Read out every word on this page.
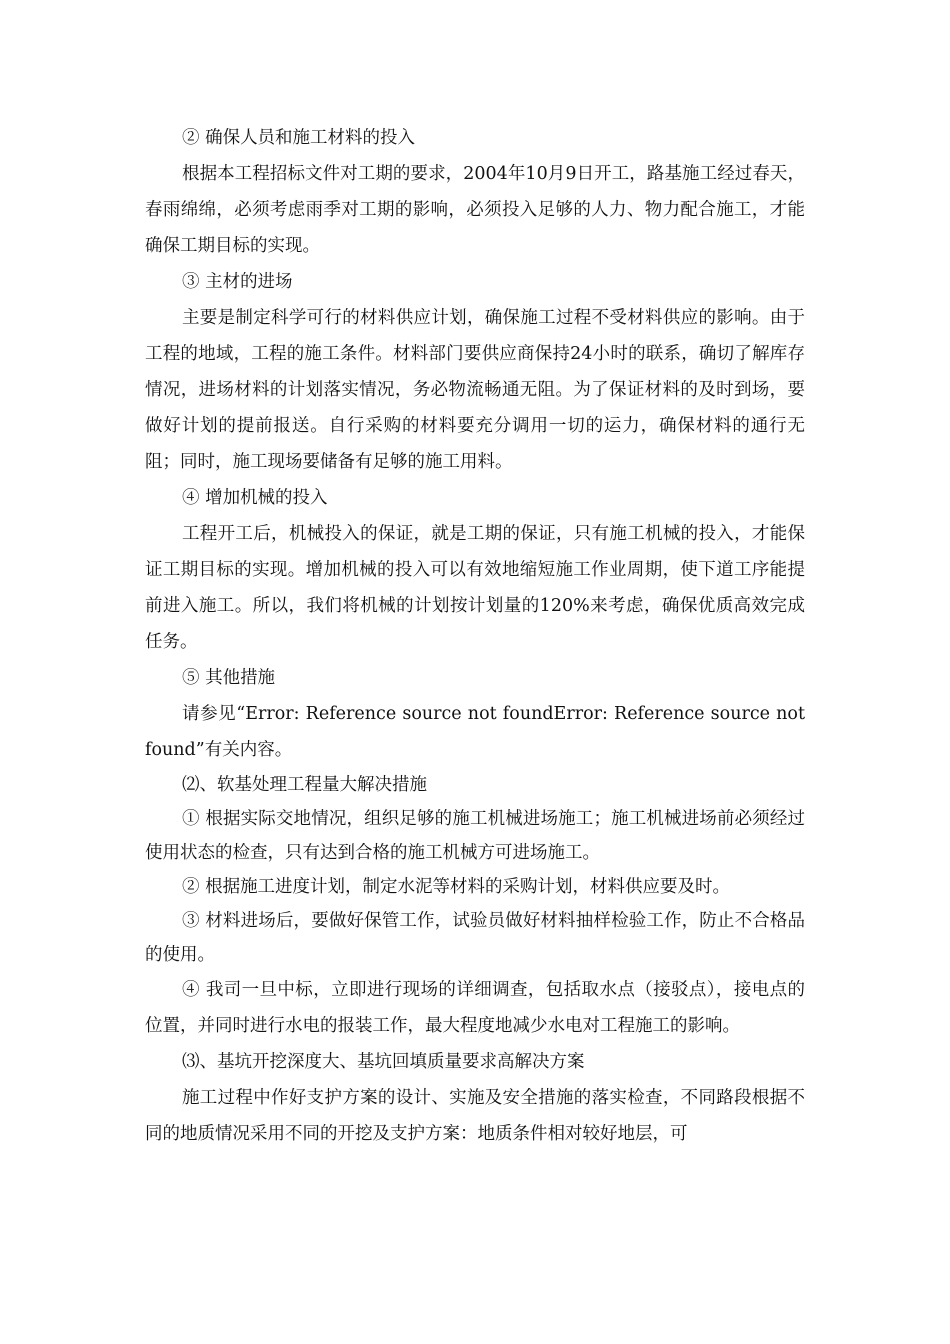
② 确保人员和施工材料的投入

根据本工程招标文件对工期的要求，2004年10月9日开工，路基施工经过春天，春雨绵绵，必须考虑雨季对工期的影响，必须投入足够的人力、物力配合施工，才能确保工期目标的实现。

③ 主材的进场

主要是制定科学可行的材料供应计划，确保施工过程不受材料供应的影响。由于工程的地域，工程的施工条件。材料部门要供应商保持24小时的联系，确切了解库存情况，进场材料的计划落实情况，务必物流畅通无阻。为了保证材料的及时到场，要做好计划的提前报送。自行采购的材料要充分调用一切的运力，确保材料的通行无阻；同时，施工现场要储备有足够的施工用料。

④ 增加机械的投入

工程开工后，机械投入的保证，就是工期的保证，只有施工机械的投入，才能保证工期目标的实现。增加机械的投入可以有效地缩短施工作业周期，使下道工序能提前进入施工。所以，我们将机械的计划按计划量的120%来考虑，确保优质高效完成任务。

⑤ 其他措施

请参见“Error: Reference source not foundError: Reference source not found”有关内容。

⑵、软基处理工程量大解决措施

① 根据实际交地情况，组织足够的施工机械进场施工；施工机械进场前必须经过使用状态的检查，只有达到合格的施工机械方可进场施工。

② 根据施工进度计划，制定水泥等材料的采购计划，材料供应要及时。

③ 材料进场后，要做好保管工作，试验员做好材料抽样检验工作，防止不合格品的使用。

④ 我司一旦中标，立即进行现场的详细调查，包括取水点（接驳点），接电点的位置，并同时进行水电的报装工作，最大程度地减少水电对工程施工的影响。

⑶、基坑开挖深度大、基坑回填质量要求高解决方案

施工过程中作好支护方案的设计、实施及安全措施的落实检查，不同路段根据不同的地质情况采用不同的开挖及支护方案：地质条件相对较好地层，可
